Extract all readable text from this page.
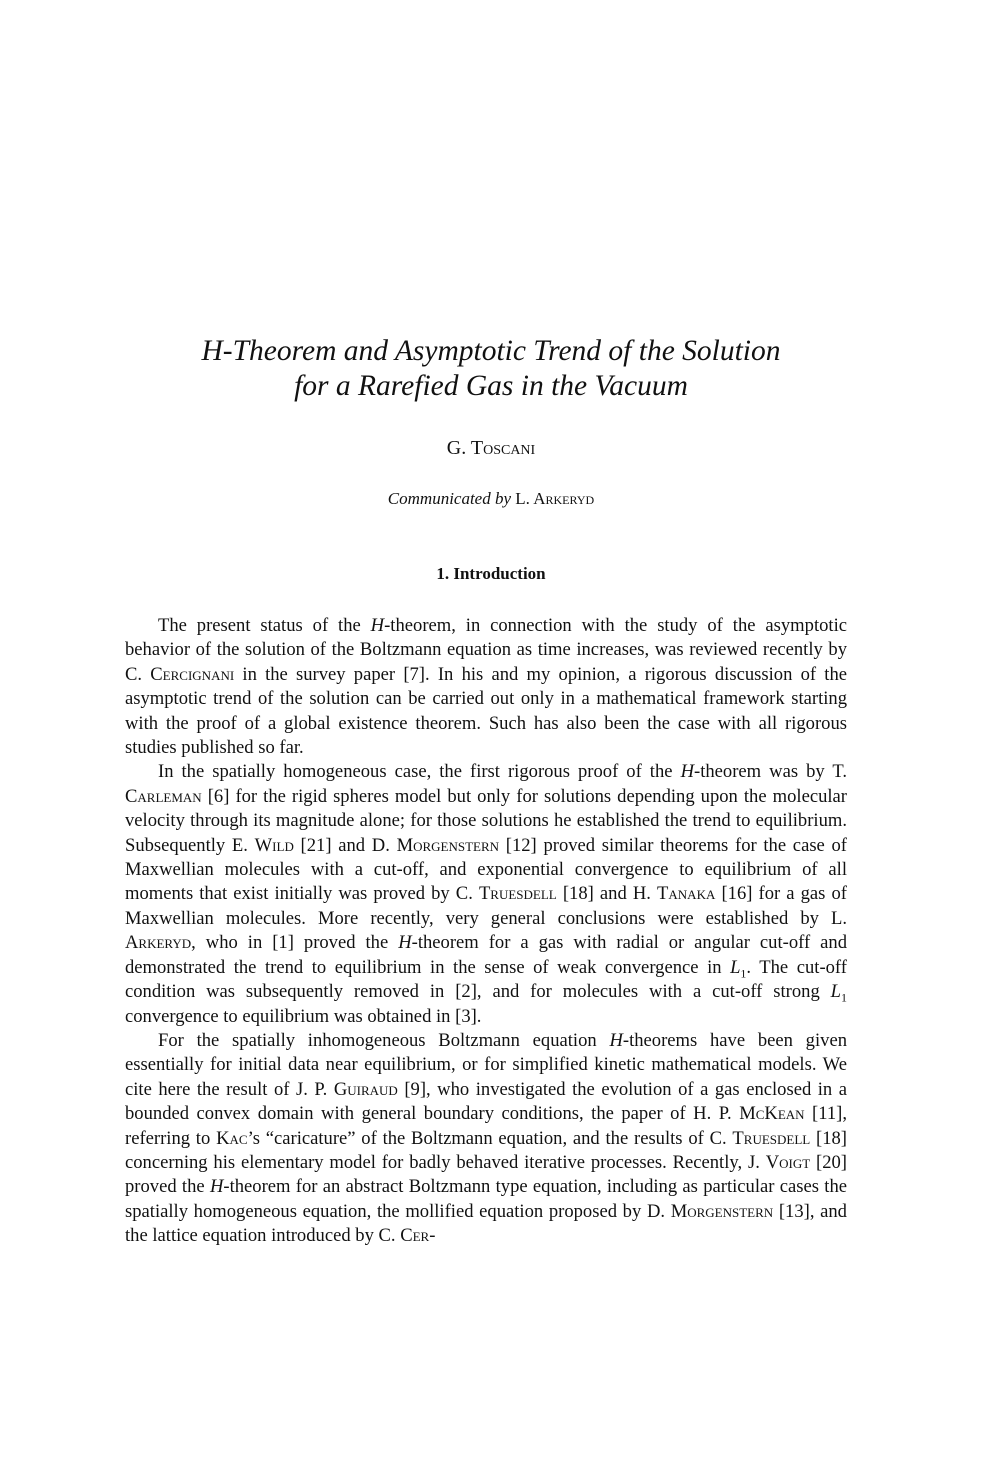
H-Theorem and Asymptotic Trend of the Solution
for a Rarefied Gas in the Vacuum
G. Toscani
Communicated by L. Arkeryd
1. Introduction

The present status of the H-theorem, in connection with the study of the asymptotic behavior of the solution of the Boltzmann equation as time increases, was reviewed recently by C. Cercignani in the survey paper [7]. In his and my opinion, a rigorous discussion of the asymptotic trend of the solution can be carried out only in a mathematical framework starting with the proof of a global existence theorem. Such has also been the case with all rigorous studies published so far.

In the spatially homogeneous case, the first rigorous proof of the H-theorem was by T. Carleman [6] for the rigid spheres model but only for solutions depending upon the molecular velocity through its magnitude alone; for those solutions he established the trend to equilibrium. Subsequently E. Wild [21] and D. Morgenstern [12] proved similar theorems for the case of Maxwellian molecules with a cut-off, and exponential convergence to equilibrium of all moments that exist initially was proved by C. Truesdell [18] and H. Tanaka [16] for a gas of Maxwellian molecules. More recently, very general conclusions were established by L. Arkeryd, who in [1] proved the H-theorem for a gas with radial or angular cut-off and demonstrated the trend to equilibrium in the sense of weak convergence in $L_1$. The cut-off condition was subsequently removed in [2], and for molecules with a cut-off strong $L_1$ convergence to equilibrium was obtained in [3].

For the spatially inhomogeneous Boltzmann equation H-theorems have been given essentially for initial data near equilibrium, or for simplified kinetic mathematical models. We cite here the result of J. P. Guiraud [9], who investigated the evolution of a gas enclosed in a bounded convex domain with general boundary conditions, the paper of H. P. McKean [11], referring to Kac’s “caricature” of the Boltzmann equation, and the results of C. Truesdell [18] concerning his elementary model for badly behaved iterative processes. Recently, J. Voigt [20] proved the H-theorem for an abstract Boltzmann type equation, including as particular cases the spatially homogeneous equation, the mollified equation proposed by D. Morgenstern [13], and the lattice equation introduced by C. Cer-
